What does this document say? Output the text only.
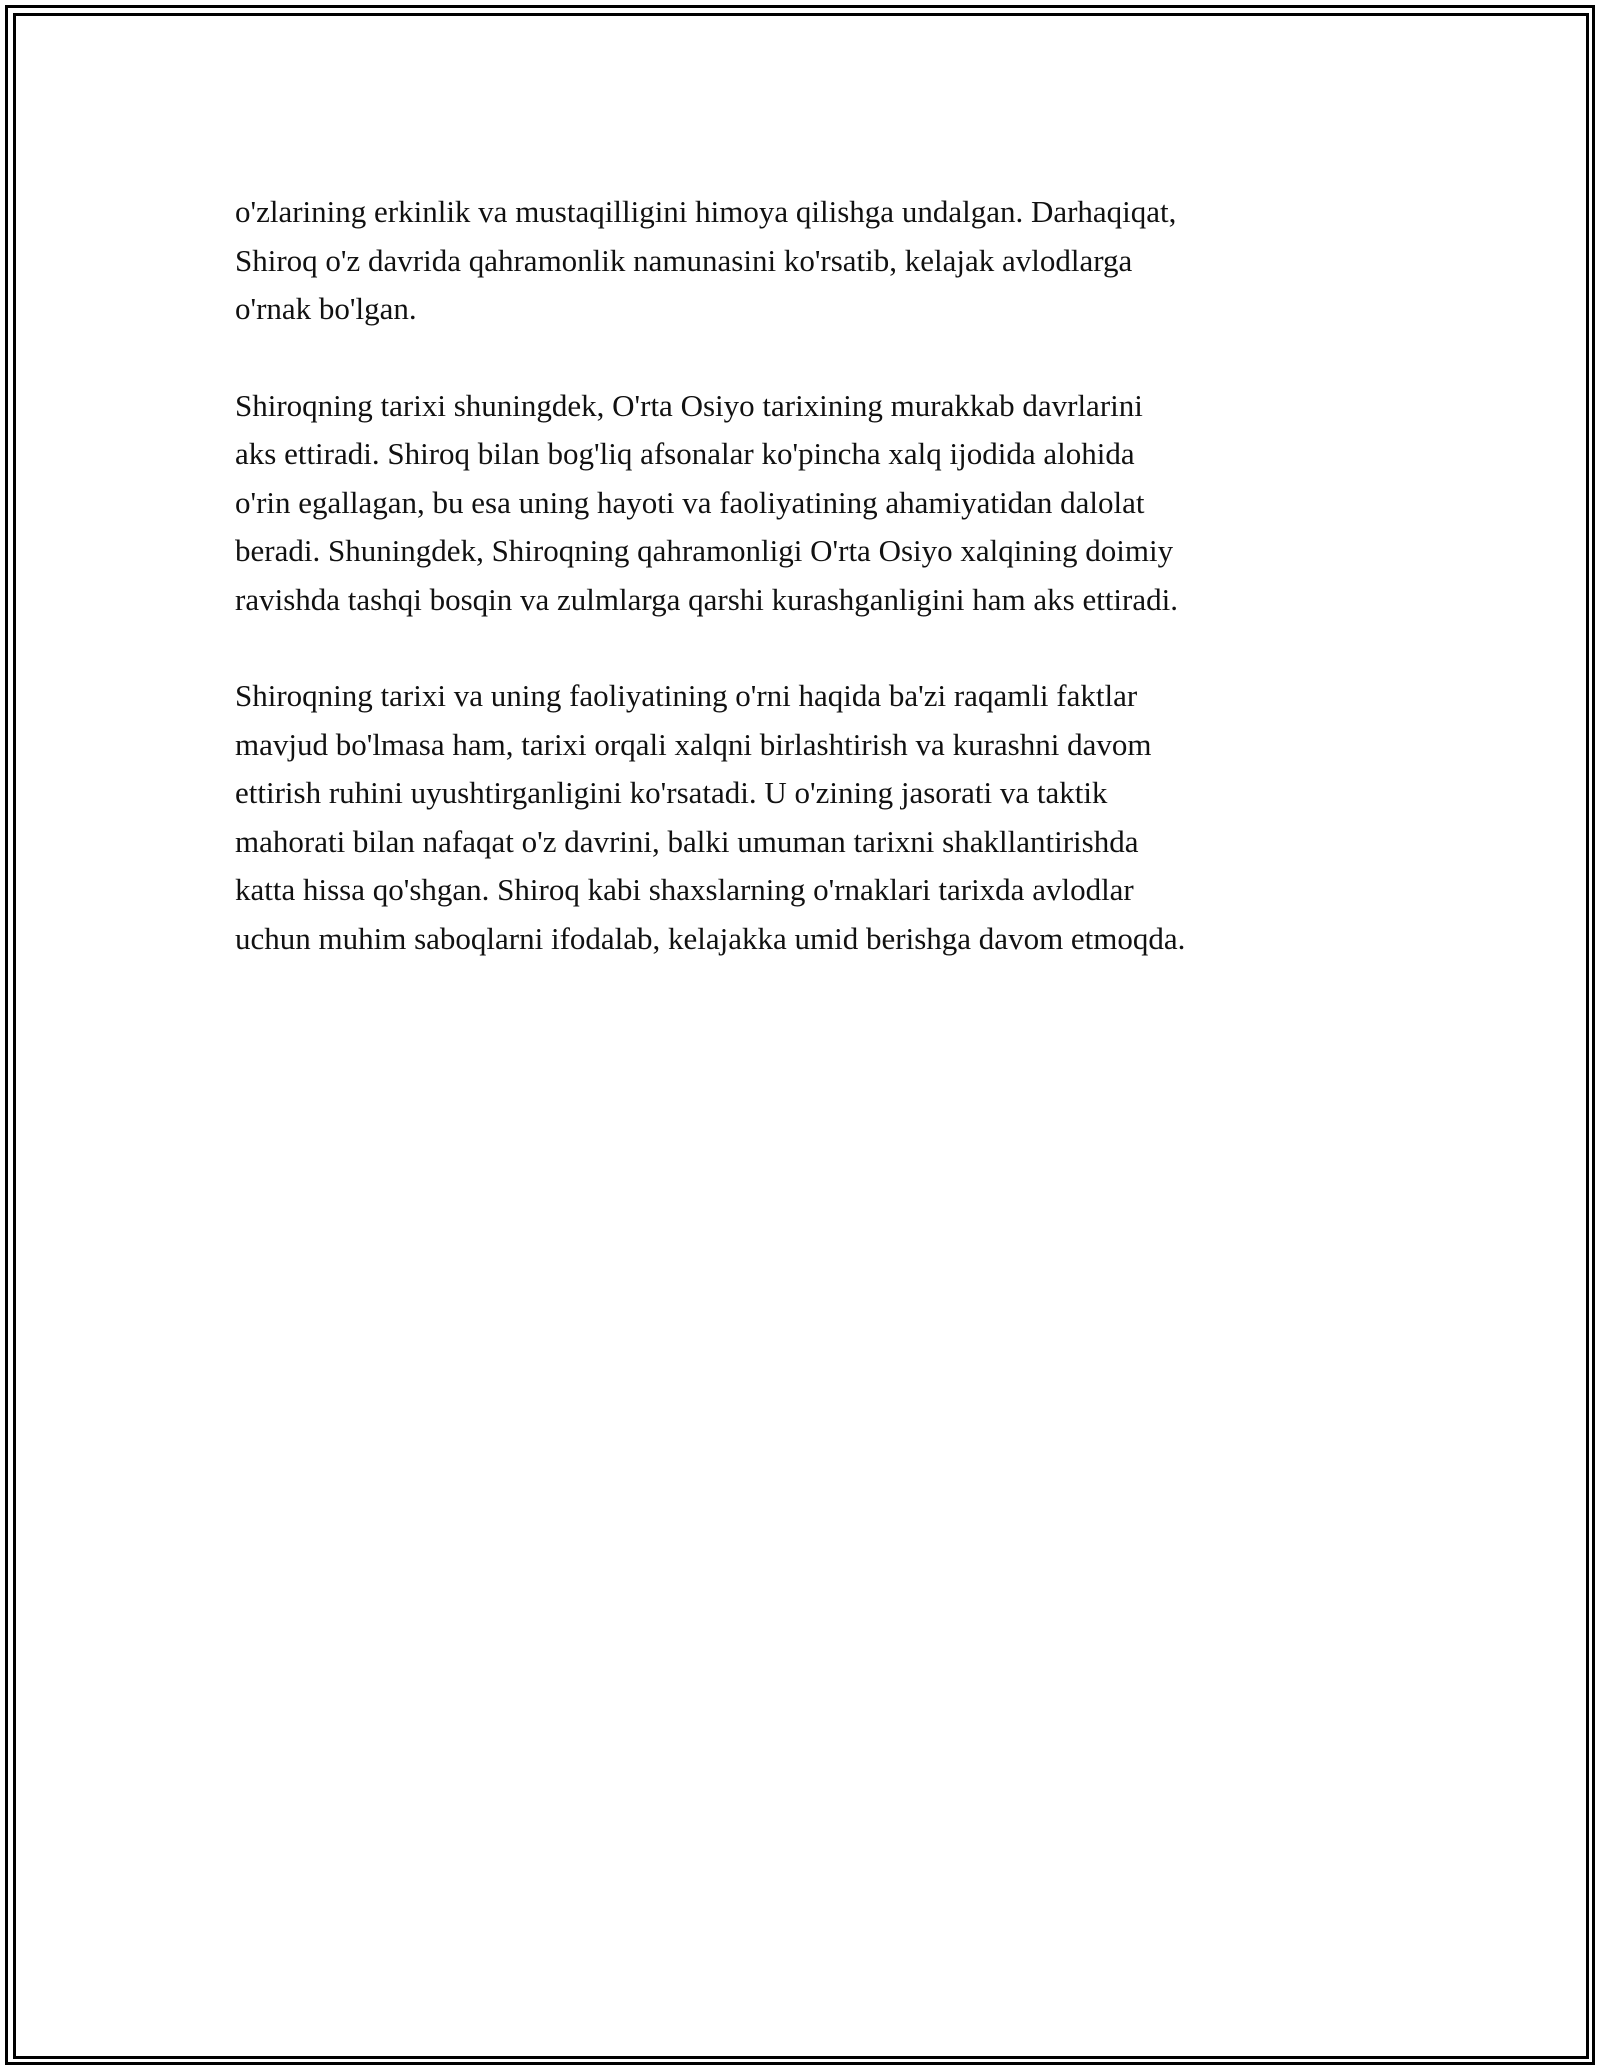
o'zlarining erkinlik va mustaqilligini himoya qilishga undalgan. Darhaqiqat,
Shiroq o'z davrida qahramonlik namunasini ko'rsatib, kelajak avlodlarga
o'rnak bo'lgan.

Shiroqning tarixi shuningdek, O'rta Osiyo tarixining murakkab davrlarini
aks ettiradi. Shiroq bilan bog'liq afsonalar ko'pincha xalq ijodida alohida
o'rin egallagan, bu esa uning hayoti va faoliyatining ahamiyatidan dalolat
beradi. Shuningdek, Shiroqning qahramonligi O'rta Osiyo xalqining doimiy
ravishda tashqi bosqin va zulmlarga qarshi kurashganligini ham aks ettiradi.

Shiroqning tarixi va uning faoliyatining o'rni haqida ba'zi raqamli faktlar
mavjud bo'lmasa ham, tarixi orqali xalqni birlashtirish va kurashni davom
ettirish ruhini uyushtirganligini ko'rsatadi. U o'zining jasorati va taktik
mahorati bilan nafaqat o'z davrini, balki umuman tarixni shakllantirishda
katta hissa qo'shgan. Shiroq kabi shaxslarning o'rnaklari tarixda avlodlar
uchun muhim saboqlarni ifodalab, kelajakka umid berishga davom etmoqda.
